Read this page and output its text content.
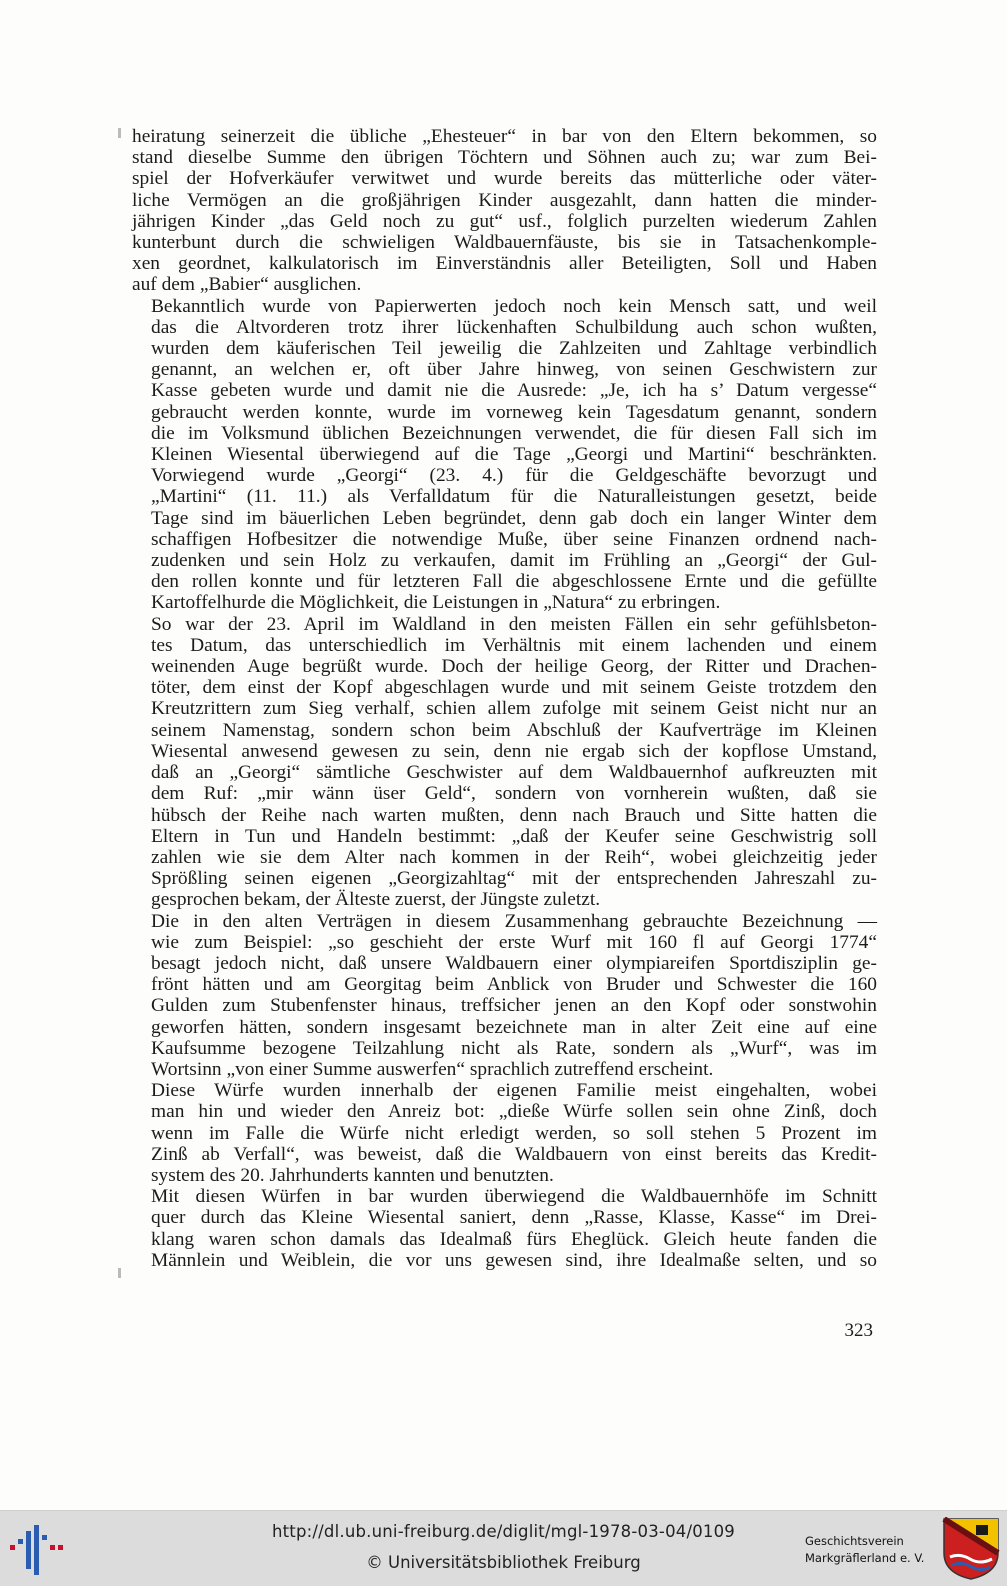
heiratung seinerzeit die übliche „Ehesteuer“ in bar von den Eltern bekommen, so
stand dieselbe Summe den übrigen Töchtern und Söhnen auch zu; war zum Bei-
spiel der Hofverkäufer verwitwet und wurde bereits das mütterliche oder väter-
liche Vermögen an die großjährigen Kinder ausgezahlt, dann hatten die minder-
jährigen Kinder „das Geld noch zu gut“ usf., folglich purzelten wiederum Zahlen
kunterbunt durch die schwieligen Waldbauernfäuste, bis sie in Tatsachenkomple-
xen geordnet, kalkulatorisch im Einverständnis aller Beteiligten, Soll und Haben
auf dem „Babier“ ausglichen.

Bekanntlich wurde von Papierwerten jedoch noch kein Mensch satt, und weil
das die Altvorderen trotz ihrer lückenhaften Schulbildung auch schon wußten,
wurden dem käuferischen Teil jeweilig die Zahlzeiten und Zahltage verbindlich
genannt, an welchen er, oft über Jahre hinweg, von seinen Geschwistern zur
Kasse gebeten wurde und damit nie die Ausrede: „Je, ich ha s’ Datum vergesse“
gebraucht werden konnte, wurde im vorneweg kein Tagesdatum genannt, sondern
die im Volksmund üblichen Bezeichnungen verwendet, die für diesen Fall sich im
Kleinen Wiesental überwiegend auf die Tage „Georgi und Martini“ beschränkten.
Vorwiegend wurde „Georgi“ (23. 4.) für die Geldgeschäfte bevorzugt und
„Martini“ (11. 11.) als Verfalldatum für die Naturalleistungen gesetzt, beide
Tage sind im bäuerlichen Leben begründet, denn gab doch ein langer Winter dem
schaffigen Hofbesitzer die notwendige Muße, über seine Finanzen ordnend nach-
zudenken und sein Holz zu verkaufen, damit im Frühling an „Georgi“ der Gul-
den rollen konnte und für letzteren Fall die abgeschlossene Ernte und die gefüllte
Kartoffelhurde die Möglichkeit, die Leistungen in „Natura“ zu erbringen.

So war der 23. April im Waldland in den meisten Fällen ein sehr gefühlsbeton-
tes Datum, das unterschiedlich im Verhältnis mit einem lachenden und einem
weinenden Auge begrüßt wurde. Doch der heilige Georg, der Ritter und Drachen-
töter, dem einst der Kopf abgeschlagen wurde und mit seinem Geiste trotzdem den
Kreutzrittern zum Sieg verhalf, schien allem zufolge mit seinem Geist nicht nur an
seinem Namenstag, sondern schon beim Abschluß der Kaufverträge im Kleinen
Wiesental anwesend gewesen zu sein, denn nie ergab sich der kopflose Umstand,
daß an „Georgi“ sämtliche Geschwister auf dem Waldbauernhof aufkreuzten mit
dem Ruf: „mir wänn üser Geld“, sondern von vornherein wußten, daß sie
hübsch der Reihe nach warten mußten, denn nach Brauch und Sitte hatten die
Eltern in Tun und Handeln bestimmt: „daß der Keufer seine Geschwistrig soll
zahlen wie sie dem Alter nach kommen in der Reih“, wobei gleichzeitig jeder
Sprößling seinen eigenen „Georgizahltag“ mit der entsprechenden Jahreszahl zu-
gesprochen bekam, der Älteste zuerst, der Jüngste zuletzt.

Die in den alten Verträgen in diesem Zusammenhang gebrauchte Bezeichnung —
wie zum Beispiel: „so geschieht der erste Wurf mit 160 fl auf Georgi 1774“
besagt jedoch nicht, daß unsere Waldbauern einer olympiareifen Sportdisziplin ge-
frönt hätten und am Georgitag beim Anblick von Bruder und Schwester die 160
Gulden zum Stubenfenster hinaus, treffsicher jenen an den Kopf oder sonstwohin
geworfen hätten, sondern insgesamt bezeichnete man in alter Zeit eine auf eine
Kaufsumme bezogene Teilzahlung nicht als Rate, sondern als „Wurf“, was im
Wortsinn „von einer Summe auswerfen“ sprachlich zutreffend erscheint.

Diese Würfe wurden innerhalb der eigenen Familie meist eingehalten, wobei
man hin und wieder den Anreiz bot: „dieße Würfe sollen sein ohne Zinß, doch
wenn im Falle die Würfe nicht erledigt werden, so soll stehen 5 Prozent im
Zinß ab Verfall“, was beweist, daß die Waldbauern von einst bereits das Kredit-
system des 20. Jahrhunderts kannten und benutzten.

Mit diesen Würfen in bar wurden überwiegend die Waldbauernhöfe im Schnitt
quer durch das Kleine Wiesental saniert, denn „Rasse, Klasse, Kasse“ im Drei-
klang waren schon damals das Idealmaß fürs Eheglück. Gleich heute fanden die
Männlein und Weiblein, die vor uns gewesen sind, ihre Idealmaße selten, und so

323
http://dl.ub.uni-freiburg.de/diglit/mgl-1978-03-04/0109
© Universitätsbibliothek Freiburg
Geschichtsverein
Markgräflerland e. V.
